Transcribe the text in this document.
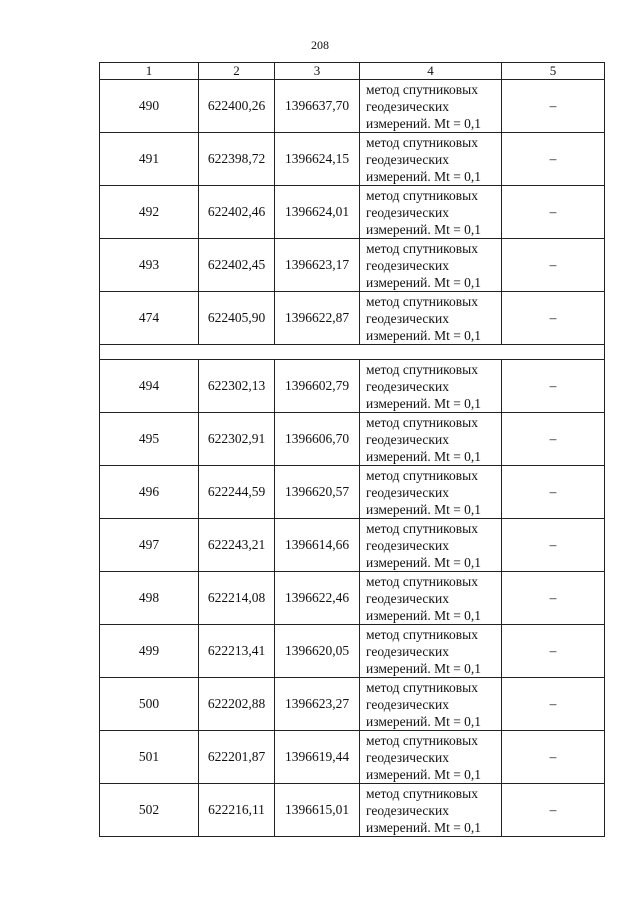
208
1	2	3	4	5
490	622400,26	1396637,70	метод спутниковых
геодезических
измерений. Mt = 0,1	–
491	622398,72	1396624,15	метод спутниковых
геодезических
измерений. Mt = 0,1	–
492	622402,46	1396624,01	метод спутниковых
геодезических
измерений. Mt = 0,1	–
493	622402,45	1396623,17	метод спутниковых
геодезических
измерений. Mt = 0,1	–
474	622405,90	1396622,87	метод спутниковых
геодезических
измерений. Mt = 0,1	–

494	622302,13	1396602,79	метод спутниковых
геодезических
измерений. Mt = 0,1	–
495	622302,91	1396606,70	метод спутниковых
геодезических
измерений. Mt = 0,1	–
496	622244,59	1396620,57	метод спутниковых
геодезических
измерений. Mt = 0,1	–
497	622243,21	1396614,66	метод спутниковых
геодезических
измерений. Mt = 0,1	–
498	622214,08	1396622,46	метод спутниковых
геодезических
измерений. Mt = 0,1	–
499	622213,41	1396620,05	метод спутниковых
геодезических
измерений. Mt = 0,1	–
500	622202,88	1396623,27	метод спутниковых
геодезических
измерений. Mt = 0,1	–
501	622201,87	1396619,44	метод спутниковых
геодезических
измерений. Mt = 0,1	–
502	622216,11	1396615,01	метод спутниковых
геодезических
измерений. Mt = 0,1	–
